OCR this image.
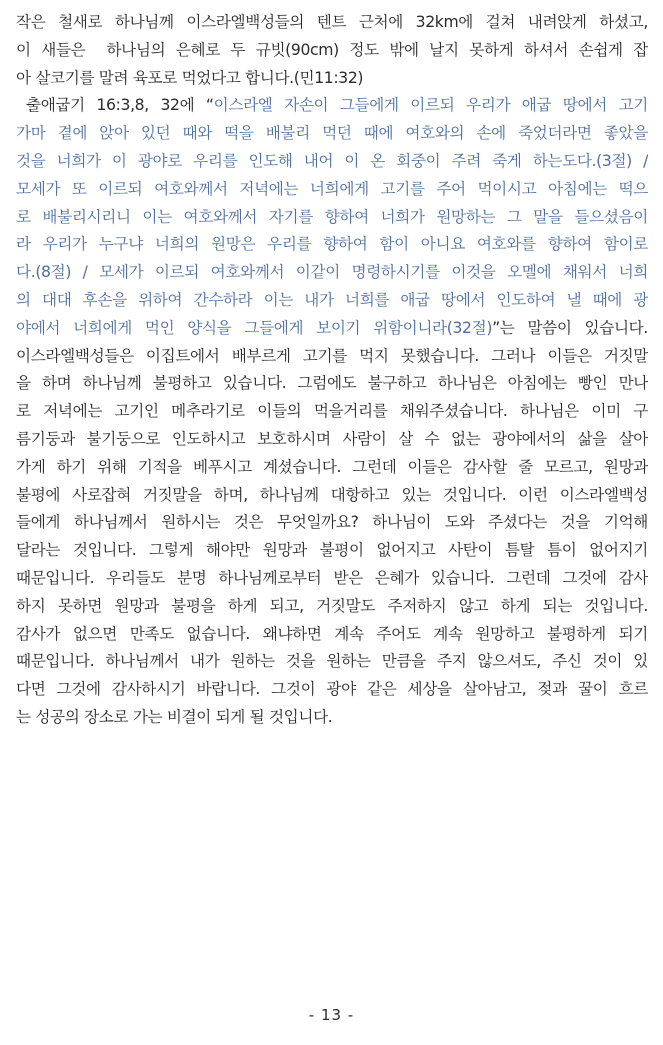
작은 철새로 하나님께 이스라엘백성들의 텐트 근처에 32km에 걸쳐 내려앉게 하셨고,
이 새들은  하나님의 은혜로 두 규빗(90cm) 정도 밖에 날지 못하게 하셔서 손쉽게 잡
아 살코기를 말려 육포로 먹었다고 합니다.(민11:32)
출애굽기 16:3,8, 32에 “이스라엘 자손이 그들에게 이르되 우리가 애굽 땅에서 고기
가마 곁에 앉아 있던 때와 떡을 배불리 먹던 때에 여호와의 손에 죽었더라면 좋았을
것을 너희가 이 광야로 우리를 인도해 내어 이 온 회중이 주려 죽게 하는도다.(3절) /
모세가 또 이르되 여호와께서 저녁에는 너희에게 고기를 주어 먹이시고 아침에는 떡으
로 배불리시리니 이는 여호와께서 자기를 향하여 너희가 원망하는 그 말을 들으셨음이
라 우리가 누구냐 너희의 원망은 우리를 향하여 함이 아니요 여호와를 향하여 함이로
다.(8절) / 모세가 이르되 여호와께서 이같이 명령하시기를 이것을 오멜에 채워서 너희
의 대대 후손을 위하여 간수하라 이는 내가 너희를 애굽 땅에서 인도하여 낼 때에 광
야에서 너희에게 먹인 양식을 그들에게 보이기 위함이니라(32절)”는 말씀이 있습니다.
이스라엘백성들은 이집트에서 배부르게 고기를 먹지 못했습니다. 그러나 이들은 거짓말
을 하며 하나님께 불평하고 있습니다. 그럼에도 불구하고 하나님은 아침에는 빵인 만나
로 저녁에는 고기인 메추라기로 이들의 먹을거리를 채워주셨습니다. 하나님은 이미 구
름기둥과 불기둥으로 인도하시고 보호하시며 사람이 살 수 없는 광야에서의 삶을 살아
가게 하기 위해 기적을 베푸시고 계셨습니다. 그런데 이들은 감사할 줄 모르고, 원망과
불평에 사로잡혀 거짓말을 하며, 하나님께 대항하고 있는 것입니다. 이런 이스라엘백성
들에게 하나님께서 원하시는 것은 무엇일까요? 하나님이 도와 주셨다는 것을 기억해
달라는 것입니다. 그렇게 해야만 원망과 불평이 없어지고 사탄이 틈탈 틈이 없어지기
때문입니다. 우리들도 분명 하나님께로부터 받은 은혜가 있습니다. 그런데 그것에 감사
하지 못하면 원망과 불평을 하게 되고, 거짓말도 주저하지 않고 하게 되는 것입니다.
감사가 없으면 만족도 없습니다. 왜냐하면 계속 주어도 계속 원망하고 불평하게 되기
때문입니다. 하나님께서 내가 원하는 것을 원하는 만큼을 주지 않으셔도, 주신 것이 있
다면 그것에 감사하시기 바랍니다. 그것이 광야 같은 세상을 살아남고, 젖과 꿀이 흐르
는 성공의 장소로 가는 비결이 되게 될 것입니다.
- 13 -
